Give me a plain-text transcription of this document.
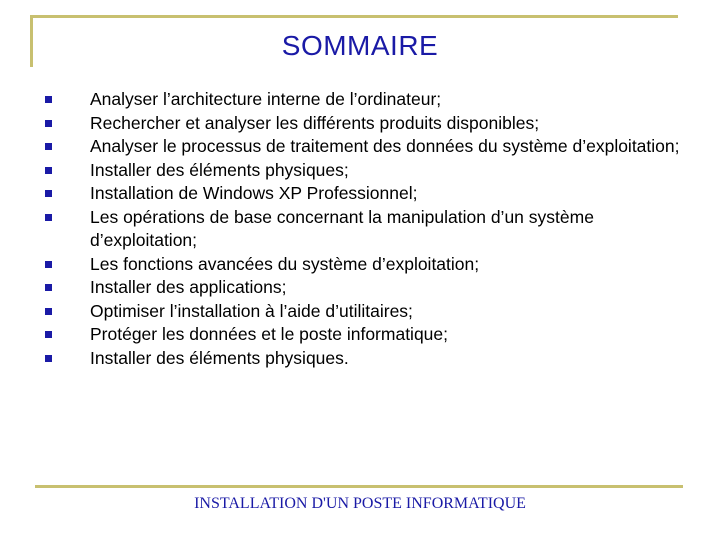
SOMMAIRE
Analyser l’architecture interne de l’ordinateur;
Rechercher et analyser les différents produits disponibles;
Analyser le processus de traitement des données du système d’exploitation;
Installer des éléments physiques;
Installation de Windows XP Professionnel;
Les opérations de base concernant la manipulation d’un système d’exploitation;
Les fonctions avancées du système d’exploitation;
Installer des applications;
Optimiser l’installation à l’aide d’utilitaires;
Protéger les données et le poste informatique;
Installer des éléments physiques.
INSTALLATION D'UN POSTE INFORMATIQUE
